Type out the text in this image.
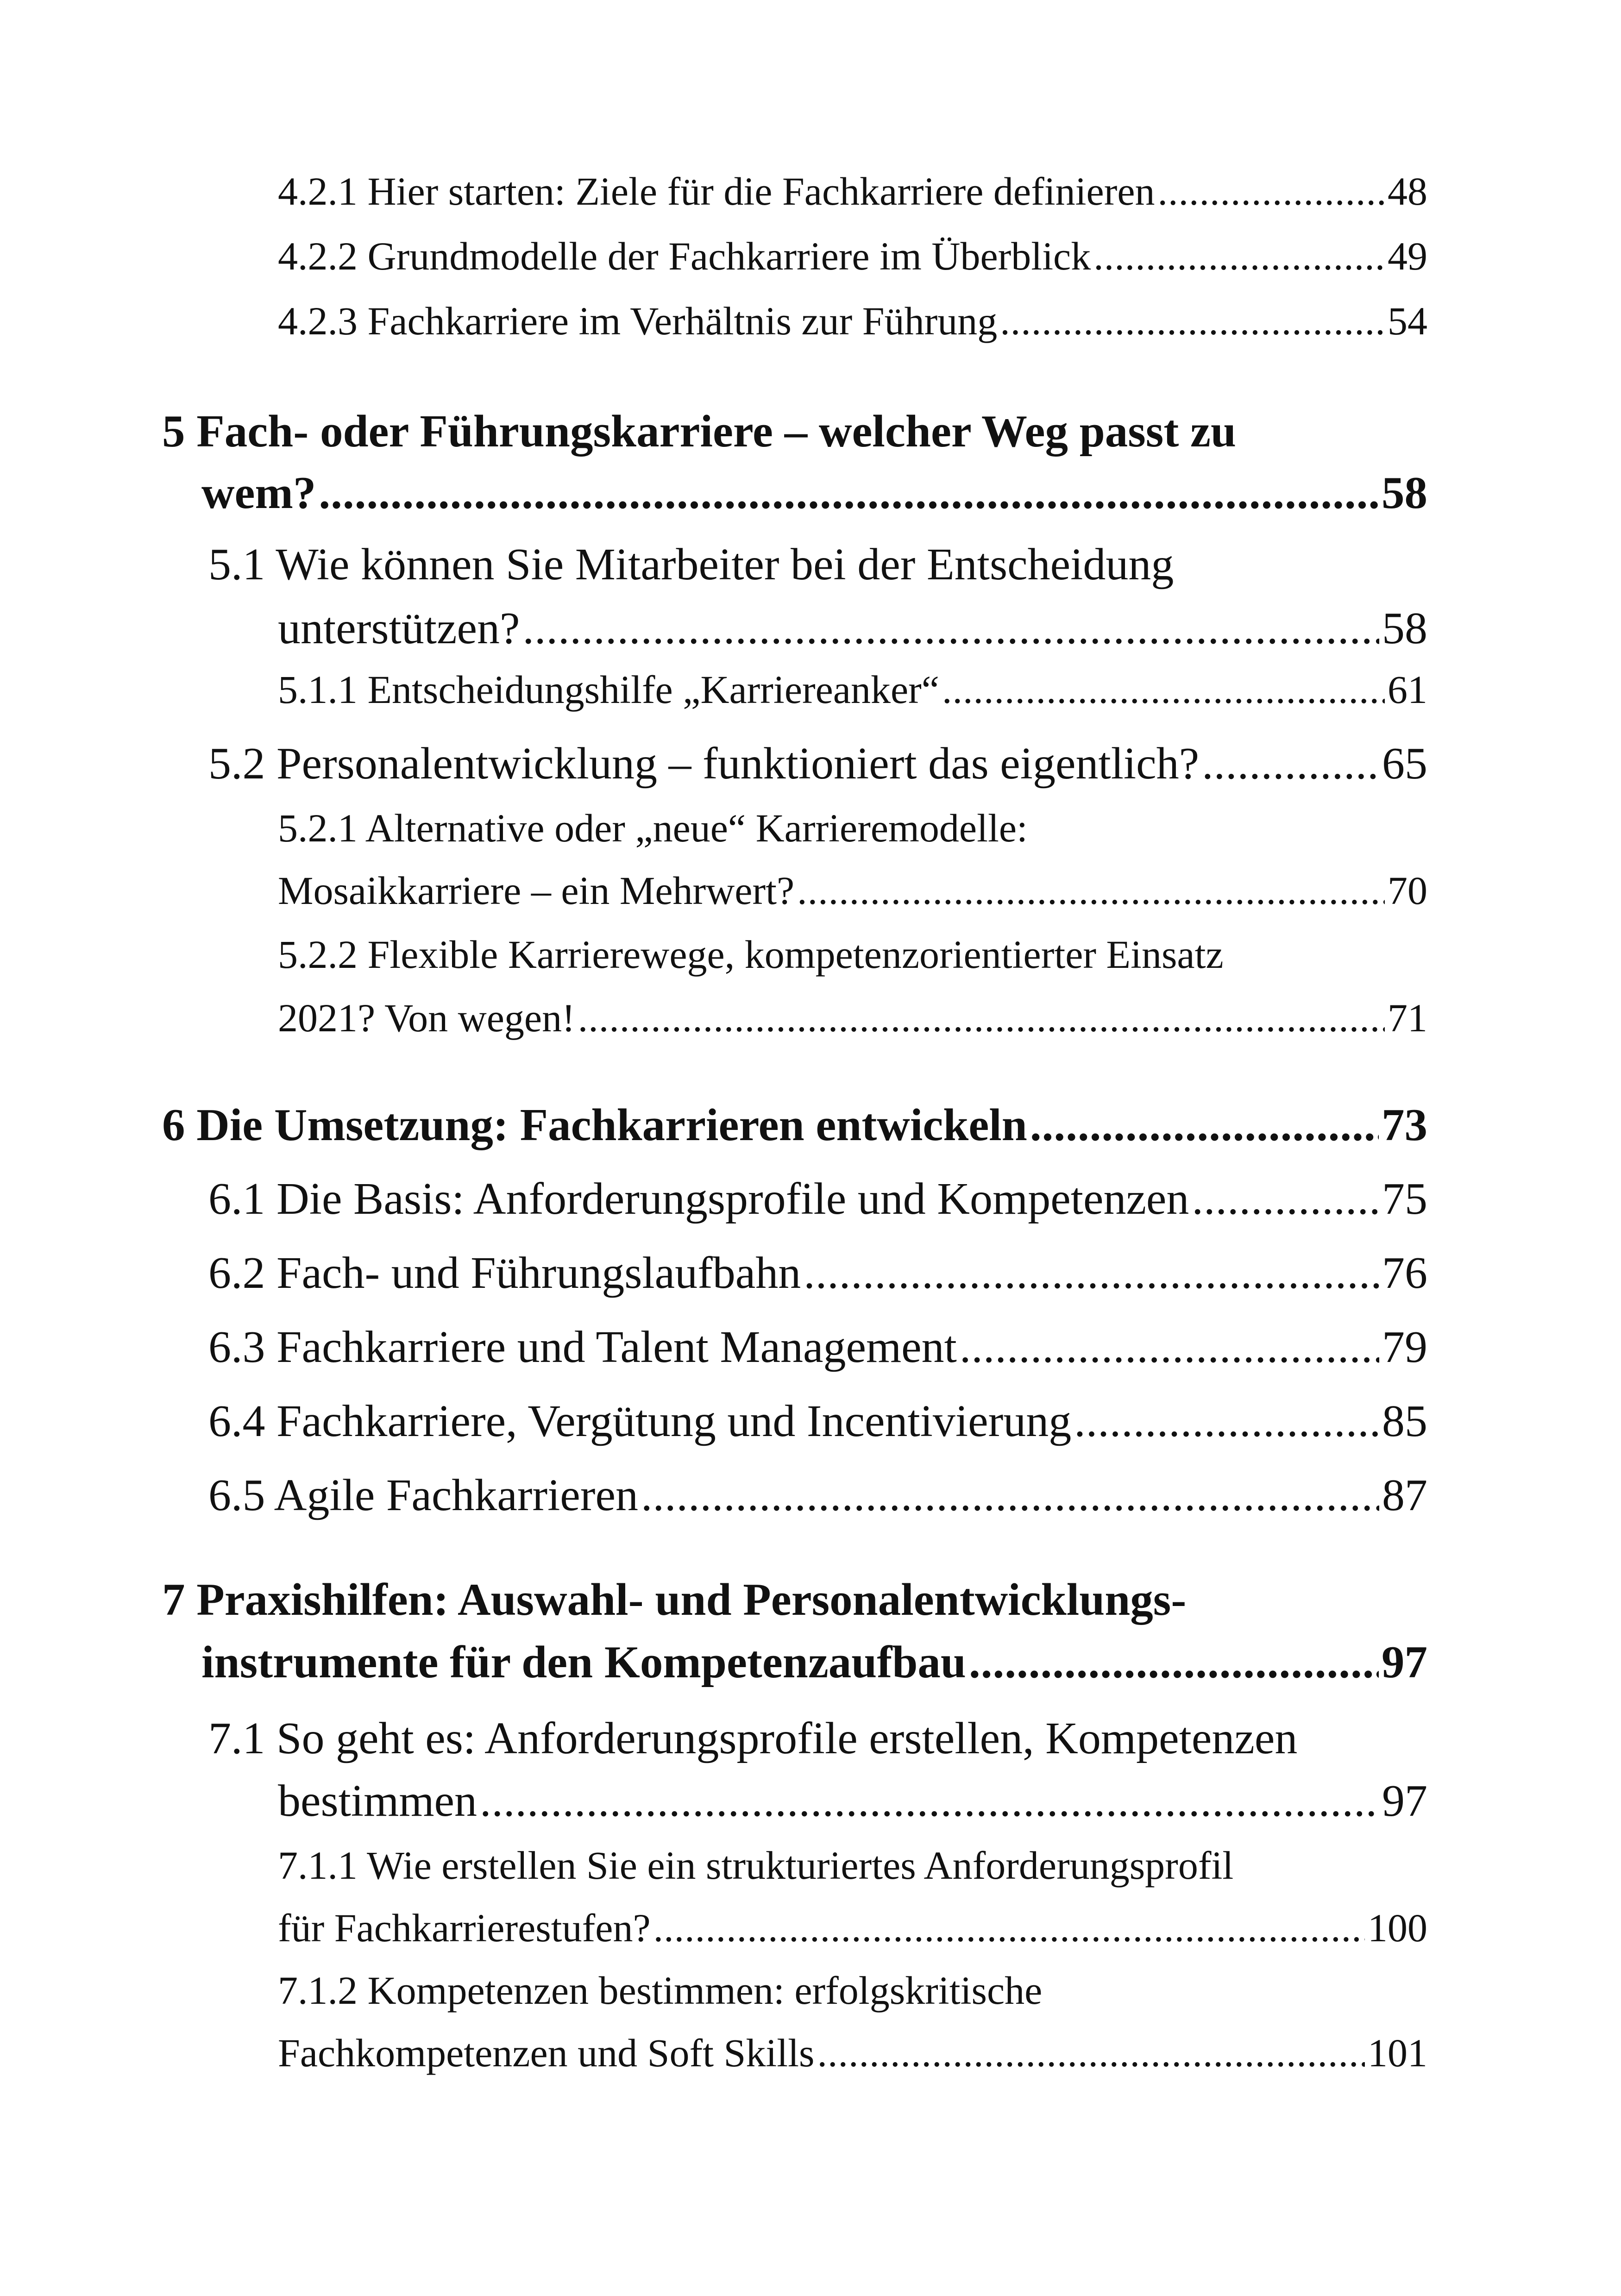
4.2.1 Hier starten: Ziele für die Fachkarriere definieren .....	48
4.2.2 Grundmodelle der Fachkarriere im Überblick .....	49
4.2.3 Fachkarriere im Verhältnis zur Führung .....	54
5 Fach- oder Führungskarriere – welcher Weg passt zu
wem? .....	58
5.1 Wie können Sie Mitarbeiter bei der Entscheidung
unterstützen? .....	58
5.1.1 Entscheidungshilfe „Karriereanker“ .....	61
5.2 Personalentwicklung – funktioniert das eigentlich? .....	65
5.2.1 Alternative oder „neue“ Karrieremodelle:
Mosaikkarriere – ein Mehrwert? .....	70
5.2.2 Flexible Karrierewege, kompetenzorientierter Einsatz
2021? Von wegen! .....	71
6 Die Umsetzung: Fachkarrieren entwickeln .....	73
6.1 Die Basis: Anforderungsprofile und Kompetenzen .....	75
6.2 Fach- und Führungslaufbahn .....	76
6.3 Fachkarriere und Talent Management .....	79
6.4 Fachkarriere, Vergütung und Incentivierung .....	85
6.5 Agile Fachkarrieren .....	87
7 Praxishilfen: Auswahl- und Personalentwicklungs-
instrumente für den Kompetenzaufbau .....	97
7.1 So geht es: Anforderungsprofile erstellen, Kompetenzen
bestimmen .....	97
7.1.1 Wie erstellen Sie ein strukturiertes Anforderungsprofil
für Fachkarrierestufen? .....	100
7.1.2 Kompetenzen bestimmen: erfolgskritische
Fachkompetenzen und Soft Skills .....	101
